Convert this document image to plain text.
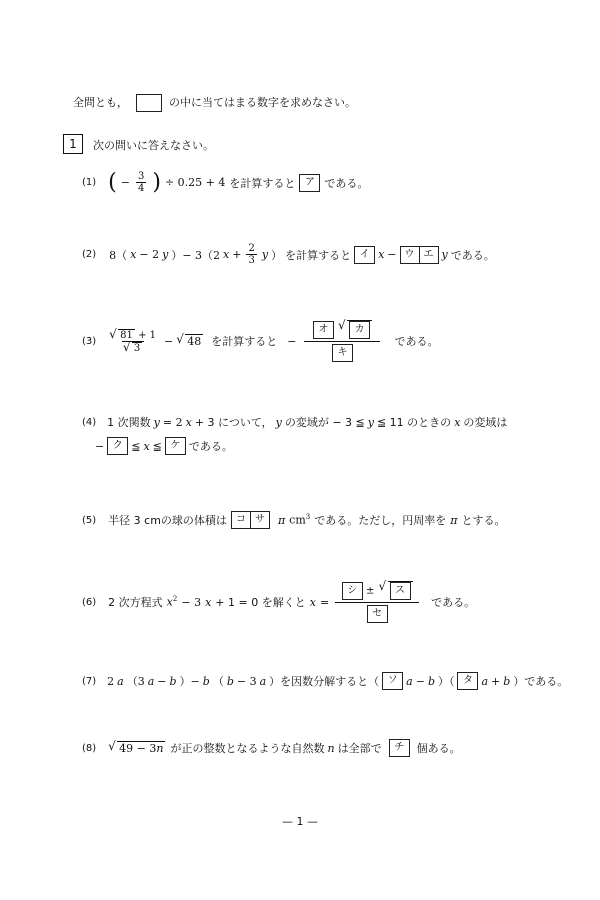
全問とも，	の中に当てはまる数字を求めなさい。
1	次の問いに答えなさい。
(1) ( − $\frac{3}{4}$ ) ÷ 0.25 + 4 を計算すると ア である。
(2) 8（ x − 2 y ）− 3（2 $x + \frac{2}{3}$ y ） を計算すると イ x − ウ エ y である。
(3) √ 81 + 1
√ 3 − √ 48 を計算すると − オ	√ カ
キ である。
(4) 1 次関数 y = 2 x + 3 について， y の変域が − 3 ≦ y ≦ 11 のときの x の変域は
− ク ≦ x ≦ ケ である。
(5) 半径 3 cmの球の体積は コ サ	π $cm^3$ である。ただし，円周率を π とする。
(6) 2 次方程式 $x^2 - 3$ x + 1 = 0 を解くと $x = \frac{\text{シ ± √ ス}}{\text{セ}}$ である。
(7) 2 a （3 a − b ）− b （ b − 3 a ）を因数分解すると（ ソ a − b ）（ タ a + b ）である。
(8) √ 49 − 3n が正の整数となるような自然数 n は全部で	チ	個ある。
— 1 —
